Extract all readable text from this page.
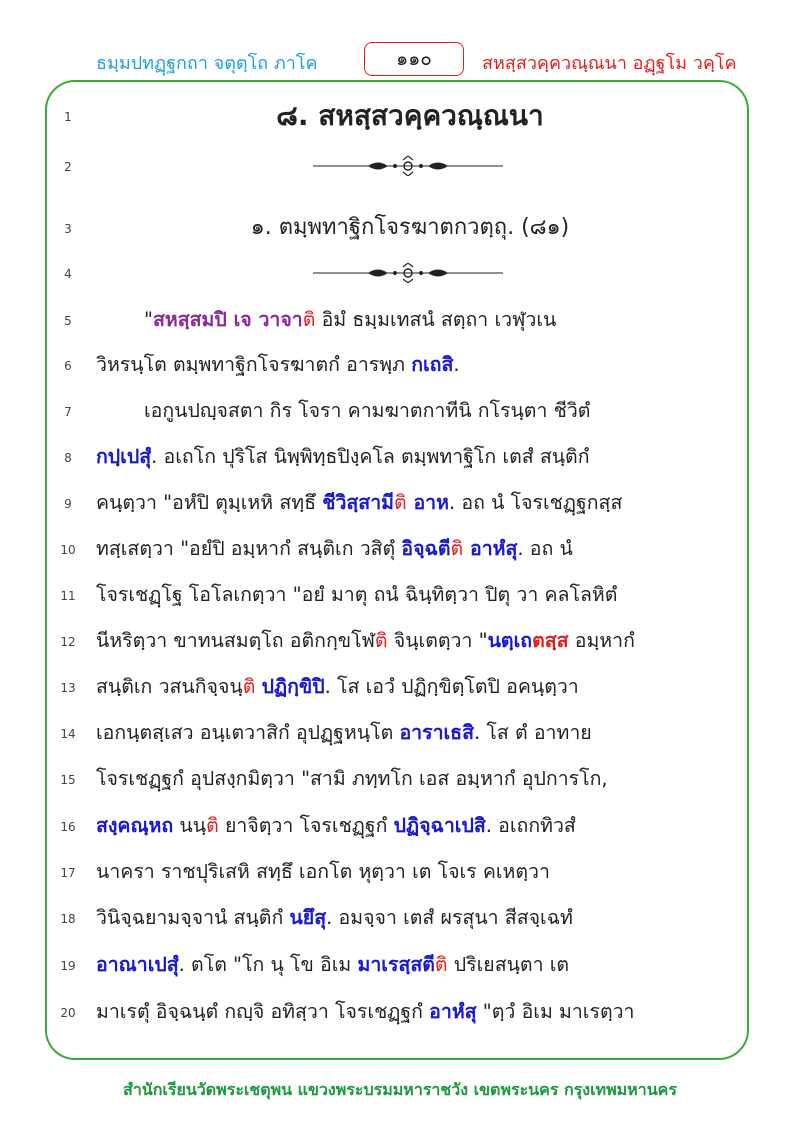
ธมฺมปทฏฺฐกถา จตุตฺโถ ภาโค	๑๑๐	สหสฺสวคฺควณฺณนา อฏฺฐโม วคฺโค
1	๘. สหสฺสวคฺควณฺณนา
2
3	๑. ตมฺพทาฐิกโจรฆาตกวตฺถุ. (๘๑)
4
5	"สหสฺสมปิ เจ วาจาติ อิมํ ธมฺมเทสนํ สตฺถา เวฬุวเน
6	วิหรนฺโต ตมฺพทาฐิกโจรฆาตกํ อารพฺภ กเถสิ.
7	เอกูนปญฺจสตา กิร โจรา คามฆาตกาทีนิ กโรนฺตา ชีวิตํ
8	กปฺเปสุํ. อเถโก ปุริโส นิพฺพิทฺธปิงฺคโล ตมฺพทาฐิโก เตสํ สนฺติกํ
9	คนฺตฺวา "อหํปิ ตุมฺเหหิ สทฺธึ ชีวิสฺสามีติ อาห. อถ นํ โจรเชฏฺฐกสฺส
10	ทสฺเสตฺวา "อยํปิ อมฺหากํ สนฺติเก วสิตุํ อิจฺฉตีติ อาหํสุ. อถ นํ
11	โจรเชฏฺโฐ โอโลเกตฺวา "อยํ มาตุ ถนํ ฉินฺทิตฺวา ปิตุ วา คลโลหิตํ
12	นีหริตฺวา ขาทนสมตฺโถ อติกกฺขโฬติ จินฺเตตฺวา "นตฺเถตสฺส อมฺหากํ
13	สนฺติเก วสนกิจฺจนฺติ ปฏิกฺขิปิ. โส เอวํ ปฏิกฺขิตฺโตปิ อคนฺตฺวา
14	เอกนฺตสฺเสว อนฺเตวาสิกํ อุปฏฺฐหนฺโต อาราเธสิ. โส ตํ อาทาย
15	โจรเชฏฺฐกํ อุปสงฺกมิตฺวา "สามิ ภทฺทโก เอส อมฺหากํ อุปการโก,
16	สงฺคณฺหถ นนฺติ ยาจิตฺวา โจรเชฏฺฐกํ ปฏิจฺฉาเปสิ. อเถกทิวสํ
17	นาครา ราชปุริเสหิ สทฺธึ เอกโต หุตฺวา เต โจเร คเหตฺวา
18	วินิจฺฉยามจฺจานํ สนฺติกํ นยึสุ. อมจฺจา เตสํ ผรสุนา สีสจฺเฉทํ
19	อาณาเปสุํ. ตโต "โก นุ โข อิเม มาเรสฺสตีติ ปริเยสนฺตา เต
20	มาเรตุํ อิจฺฉนฺตํ กญฺจิ อทิสฺวา โจรเชฏฺฐกํ อาหํสุ "ตฺวํ อิเม มาเรตฺวา
สำนักเรียนวัดพระเชตุพน แขวงพระบรมมหาราชวัง เขตพระนคร กรุงเทพมหานคร
